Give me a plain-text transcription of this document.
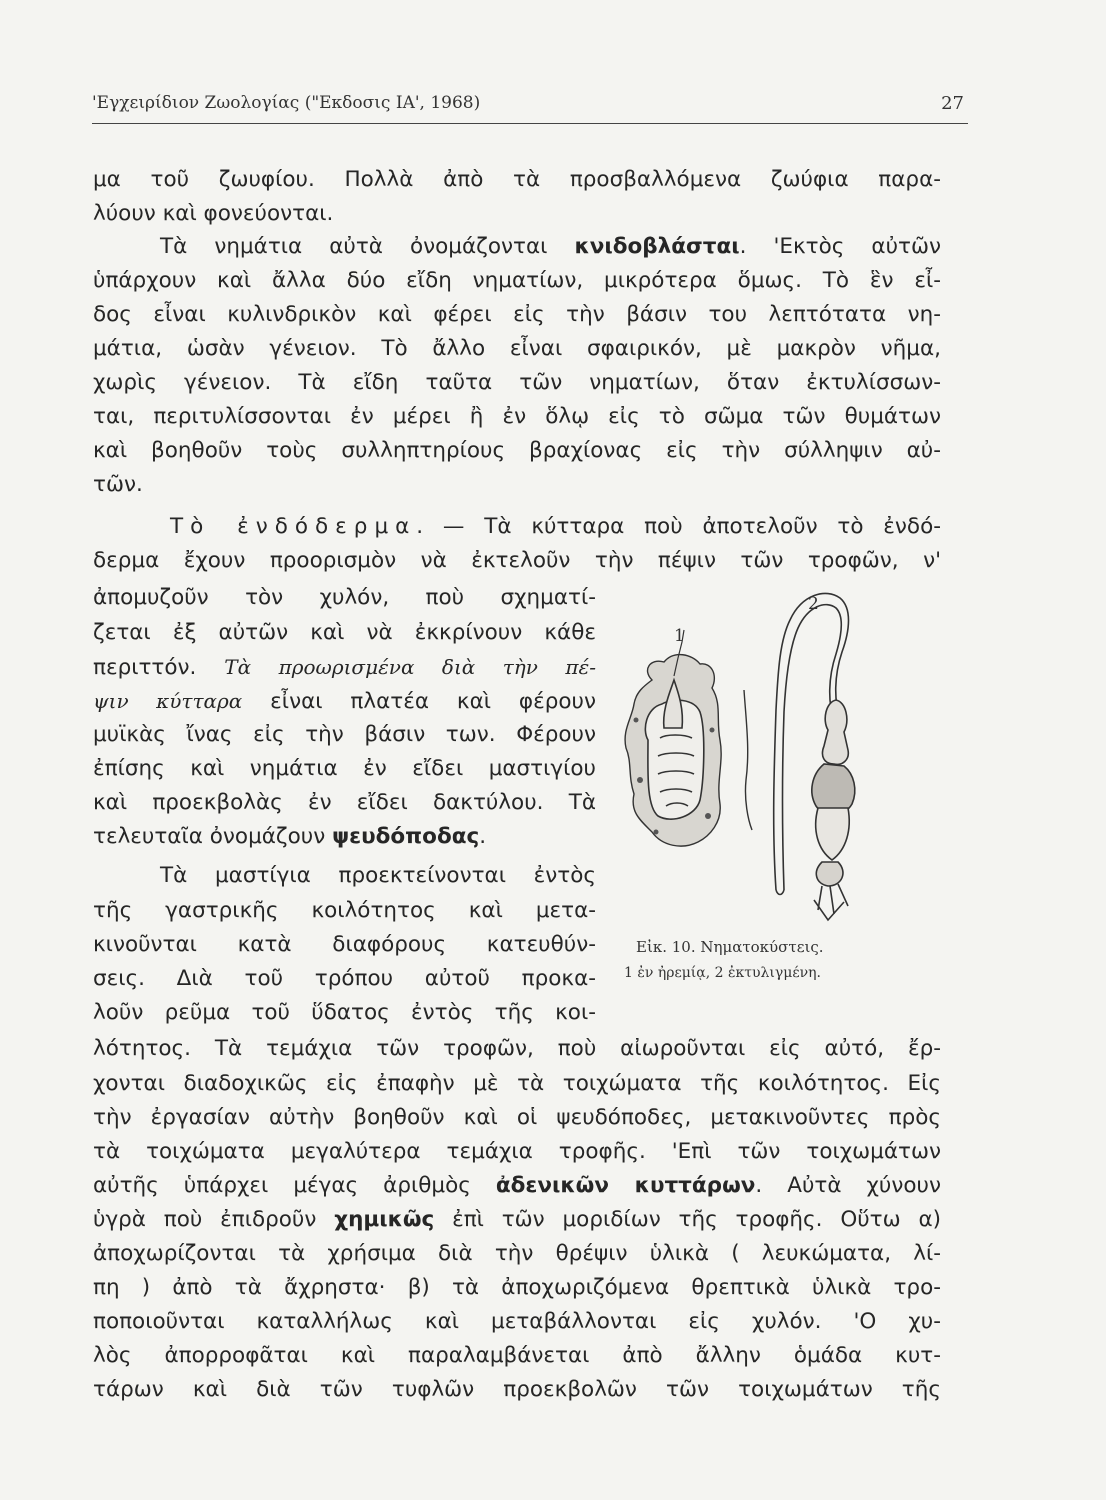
'Εγχειρίδιον Ζωολογίας ("Εκδοσις ΙΑ', 1968)	27
μα τοῦ ζωυφίου. Πολλὰ ἀπὸ τὰ προσβαλλόμενα ζωύφια παρα-
λύουν καὶ φονεύονται.
Τὰ νημάτια αὐτὰ ὀνομάζονται κνιδοβλάσται. 'Εκτὸς αὐτῶν
ὑπάρχουν καὶ ἄλλα δύο εἴδη νηματίων, μικρότερα ὅμως. Τὸ ἓν εἶ-
δος εἶναι κυλινδρικὸν καὶ φέρει εἰς τὴν βάσιν του λεπτότατα νη-
μάτια, ὡσὰν γένειον. Τὸ ἄλλο εἶναι σφαιρικόν, μὲ μακρὸν νῆμα,
χωρὶς γένειον. Τὰ εἴδη ταῦτα τῶν νηματίων, ὅταν ἐκτυλίσσων-
ται, περιτυλίσσονται ἐν μέρει ἢ ἐν ὅλῳ εἰς τὸ σῶμα τῶν θυμάτων
καὶ βοηθοῦν τοὺς συλληπτηρίους βραχίονας εἰς τὴν σύλληψιν αὐ-
τῶν.
Τὸ ἐνδόδερμα. — Τὰ κύτταρα ποὺ ἀποτελοῦν τὸ ἐνδό-
δερμα ἔχουν προορισμὸν νὰ ἐκτελοῦν τὴν πέψιν τῶν τροφῶν, ν'
ἀπομυζοῦν τὸν χυλόν, ποὺ σχηματί-
ζεται ἐξ αὐτῶν καὶ νὰ ἐκκρίνουν κάθε
περιττόν. Τὰ προωρισμένα διὰ τὴν πέ-
ψιν κύτταρα εἶναι πλατέα καὶ φέρουν
μυϊκὰς ἴνας εἰς τὴν βάσιν των. Φέρουν
ἐπίσης καὶ νημάτια ἐν εἴδει μαστιγίου
καὶ προεκβολὰς ἐν εἴδει δακτύλου. Τὰ
τελευταῖα ὀνομάζουν ψευδόποδας.
Τὰ μαστίγια προεκτείνονται ἐντὸς
τῆς γαστρικῆς κοιλότητος καὶ μετα-
κινοῦνται κατὰ διαφόρους κατευθύν-
σεις. Διὰ τοῦ τρόπου αὐτοῦ προκα-
λοῦν ρεῦμα τοῦ ὕδατος ἐντὸς τῆς κοι-
λότητος. Τὰ τεμάχια τῶν τροφῶν, ποὺ αἰωροῦνται εἰς αὐτό, ἔρ-
χονται διαδοχικῶς εἰς ἐπαφὴν μὲ τὰ τοιχώματα τῆς κοιλότητος. Εἰς
τὴν ἐργασίαν αὐτὴν βοηθοῦν καὶ οἱ ψευδόποδες, μετακινοῦντες πρὸς
τὰ τοιχώματα μεγαλύτερα τεμάχια τροφῆς. 'Επὶ τῶν τοιχωμάτων
αὐτῆς ὑπάρχει μέγας ἀριθμὸς ἀδενικῶν κυττάρων. Αὐτὰ χύνουν
ὑγρὰ ποὺ ἐπιδροῦν χημικῶς ἐπὶ τῶν μοριδίων τῆς τροφῆς. Οὕτω α)
ἀποχωρίζονται τὰ χρήσιμα διὰ τὴν θρέψιν ὑλικὰ ( λευκώματα, λί-
πη ) ἀπὸ τὰ ἄχρηστα· β) τὰ ἀποχωριζόμενα θρεπτικὰ ὑλικὰ τρο-
ποποιοῦνται καταλλήλως καὶ μεταβάλλονται εἰς χυλόν. 'Ο χυ-
λὸς ἀπορροφᾶται καὶ παραλαμβάνεται ἀπὸ ἄλλην ὁμάδα κυτ-
τάρων καὶ διὰ τῶν τυφλῶν προεκβολῶν τῶν τοιχωμάτων τῆς
1
2
Εἰκ. 10. Νηματοκύστεις.
1 ἐν ἠρεμίᾳ, 2 ἐκτυλιγμένη.
